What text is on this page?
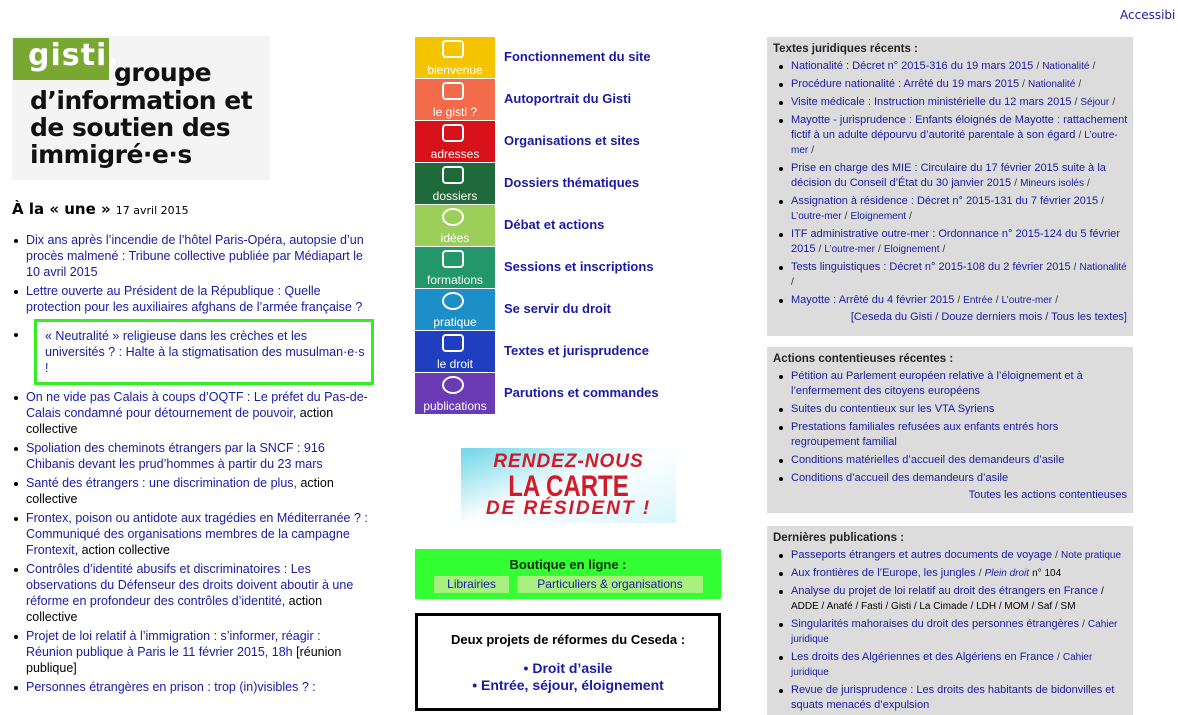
Accessibi
gisti,
groupe
d’information et
de soutien des
immigré·e·s
À la « une » 17 avril 2015
Dix ans après l’incendie de l’hôtel Paris-Opéra, autopsie d’un procès malmené : Tribune collective publiée par Médiapart le 10 avril 2015
Lettre ouverte au Président de la République : Quelle protection pour les auxiliaires afghans de l’armée française ?
« Neutralité » religieuse dans les crèches et les universités ? : Halte à la stigmatisation des musulman·e·s !
On ne vide pas Calais à coups d’OQTF : Le préfet du Pas-de-Calais condamné pour détournement de pouvoir, action collective
Spoliation des cheminots étrangers par la SNCF : 916 Chibanis devant les prud’hommes à partir du 23 mars
Santé des étrangers : une discrimination de plus, action collective
Frontex, poison ou antidote aux tragédies en Méditerranée ? : Communiqué des organisations membres de la campagne Frontexit, action collective
Contrôles d’identité abusifs et discriminatoires : Les observations du Défenseur des droits doivent aboutir à une réforme en profondeur des contrôles d’identité, action collective
Projet de loi relatif à l’immigration : s’informer, réagir : Réunion publique à Paris le 11 février 2015, 18h [réunion publique]
Personnes étrangères en prison : trop (in)visibles ? :
bienvenue
Fonctionnement du site
le gisti ?
Autoportrait du Gisti
adresses
Organisations et sites
dossiers
Dossiers thématiques
idées
Débat et actions
formations
Sessions et inscriptions
pratique
Se servir du droit
le droit
Textes et jurisprudence
publications
Parutions et commandes
RENDEZ-NOUS
LA CARTE
DE RÉSIDENT !
Boutique en ligne :
Librairies	Particuliers & organisations
Deux projets de réformes du Ceseda :
• Droit d’asile
• Entrée, séjour, éloignement
Textes juridiques récents :
Nationalité : Décret n° 2015-316 du 19 mars 2015 / Nationalité /
Procédure nationalité : Arrêté du 19 mars 2015 / Nationalité /
Visite médicale : Instruction ministérielle du 12 mars 2015 / Séjour /
Mayotte - jurisprudence : Enfants éloignés de Mayotte : rattachement fictif à un adulte dépourvu d’autorité parentale à son égard / L’outre-mer /
Prise en charge des MIE : Circulaire du 17 février 2015 suite à la décision du Conseil d’État du 30 janvier 2015 / Mineurs isolés /
Assignation à résidence : Décret n° 2015-131 du 7 février 2015 / L’outre-mer / Eloignement /
ITF administrative outre-mer : Ordonnance n° 2015-124 du 5 février 2015 / L’outre-mer / Eloignement /
Tests linguistiques : Décret n° 2015-108 du 2 février 2015 / Nationalité /
Mayotte : Arrêté du 4 février 2015 / Entrée / L’outre-mer /
[Ceseda du Gisti / Douze derniers mois / Tous les textes]
Actions contentieuses récentes :
Pétition au Parlement européen relative à l’éloignement et à l’enfermement des citoyens européens
Suites du contentieux sur les VTA Syriens
Prestations familiales refusées aux enfants entrés hors regroupement familial
Conditions matérielles d’accueil des demandeurs d’asile
Conditions d’accueil des demandeurs d’asile
Toutes les actions contentieuses
Dernières publications :
Passeports étrangers et autres documents de voyage / Note pratique
Aux frontières de l’Europe, les jungles / Plein droit n° 104
Analyse du projet de loi relatif au droit des étrangers en France / ADDE / Anafé / Fasti / Gisti / La Cimade / LDH / MOM / Saf / SM
Singularités mahoraises du droit des personnes étrangères / Cahier juridique
Les droits des Algériennes et des Algériens en France / Cahier juridique
Revue de jurisprudence : Les droits des habitants de bidonvilles et squats menacés d’expulsion
